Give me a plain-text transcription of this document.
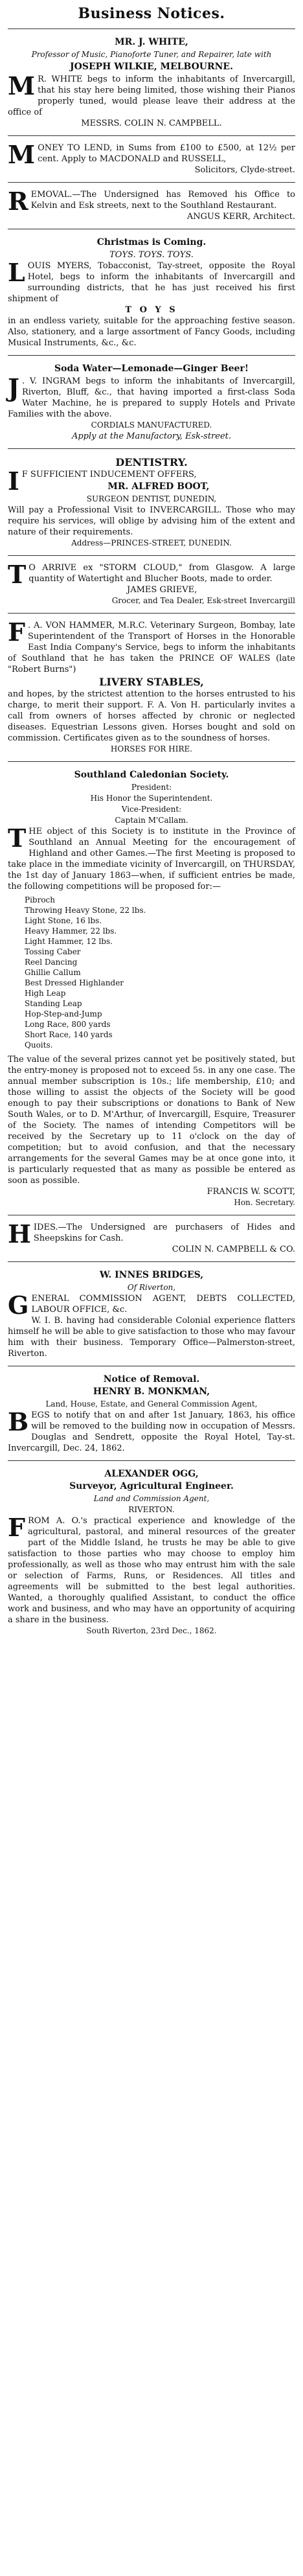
Business Notices.
MR. J. WHITE,
Professor of Music, Pianoforte Tuner, and Repairer, late with
JOSEPH WILKIE, MELBOURNE.
M R. WHITE begs to inform the inhabitants of Invercargill, that his stay here being limited, those wishing their Pianos properly tuned, would please leave their address at the office of
MESSRS. COLIN N. CAMPBELL.
MONEY TO LEND, in Sums from £100 to £500, at 12½ per cent. Apply to MACDONALD and RUSSELL,
Solicitors, Clyde-street.
REMOVAL.—The Undersigned has Removed his Office to Kelvin and Esk streets, next to the Southland Restaurant.
ANGUS KERR, Architect.
Christmas is Coming.
TOYS. TOYS. TOYS.
LOUIS MYERS, Tobacconist, Tay-street, opposite the Royal Hotel, begs to inform the inhabitants of Invercargill and surrounding districts, that he has just received his first shipment of
T O Y S
in an endless variety, suitable for the approaching festive season. Also, stationery, and a large assortment of Fancy Goods, including Musical Instruments, &c., &c.
Soda Water—Lemonade—Ginger Beer!
J . V. INGRAM begs to inform the inhabitants of Invercargill, Riverton, Bluff, &c., that having imported a first-class Soda Water Machine, he is prepared to supply Hotels and Private Families with the above.
CORDIALS MANUFACTURED.
Apply at the Manufactory, Esk-street.
DENTISTRY.
I F SUFFICIENT INDUCEMENT OFFERS,
MR. ALFRED BOOT,
SURGEON DENTIST, DUNEDIN,
Will pay a Professional Visit to INVERCARGILL. Those who may require his services, will oblige by advising him of the extent and nature of their requirements.
Address—PRINCES-STREET, DUNEDIN.
T O ARRIVE ex "STORM CLOUD," from Glasgow. A large quantity of Watertight and Blucher Boots, made to order.
JAMES GRIEVE,
Grocer, and Tea Dealer, Esk-street Invercargill
F . A. VON HAMMER, M.R.C. Veterinary Surgeon, Bombay, late Superintendent of the Transport of Horses in the Honorable East India Company's Service, begs to inform the inhabitants of Southland that he has taken the PRINCE OF WALES (late "Robert Burns")
LIVERY STABLES,
and hopes, by the strictest attention to the horses entrusted to his charge, to merit their support. F. A. Von H. particularly invites a call from owners of horses affected by chronic or neglected diseases. Equestrian Lessons given. Horses bought and sold on commission. Certificates given as to the soundness of horses.
HORSES FOR HIRE.
Southland Caledonian Society.
President:
His Honor the Superintendent.
Vice-President:
Captain M'Callam.
THE object of this Society is to institute in the Province of Southland an Annual Meeting for the encouragement of Highland and other Games.—The first Meeting is proposed to take place in the immediate vicinity of Invercargill, on THURSDAY, the 1st day of January 1863—when, if sufficient entries be made, the following competitions will be proposed for:—
Pibroch
Throwing Heavy Stone, 22 lbs.
Light Stone, 16 lbs.
Heavy Hammer, 22 lbs.
Light Hammer, 12 lbs.
Tossing Caber
Reel Dancing
Ghillie Callum
Best Dressed Highlander
High Leap
Standing Leap
Hop-Step-and-Jump
Long Race, 800 yards
Short Race, 140 yards
Quoits.
The value of the several prizes cannot yet be positively stated, but the entry-money is proposed not to exceed 5s. in any one case. The annual member subscription is 10s.; life membership, £10; and those willing to assist the objects of the Society will be good enough to pay their subscriptions or donations to Bank of New South Wales, or to D. M'Arthur, of Invercargill, Esquire, Treasurer of the Society. The names of intending Competitors will be received by the Secretary up to 11 o'clock on the day of competition; but to avoid confusion, and that the necessary arrangements for the several Games may be at once gone into, it is particularly requested that as many as possible be entered as soon as possible.
FRANCIS W. SCOTT,
Hon. Secretary.
HIDES.—The Undersigned are purchasers of Hides and Sheepskins for Cash.
COLIN N. CAMPBELL & CO.
W. INNES BRIDGES,
Of Riverton,
GENERAL COMMISSION AGENT, DEBTS COLLECTED, LABOUR OFFICE, &c.
W. I. B. having had considerable Colonial experience flatters himself he will be able to give satisfaction to those who may favour him with their business. Temporary Office—Palmerston-street, Riverton.
Notice of Removal.
HENRY B. MONKMAN,
Land, House, Estate, and General Commission Agent,
BEGS to notify that on and after 1st January, 1863, his office will be removed to the building now in occupation of Messrs. Douglas and Sendrett, opposite the Royal Hotel, Tay-st. Invercargill, Dec. 24, 1862.
ALEXANDER OGG,
Surveyor, Agricultural Engineer.
Land and Commission Agent,
RIVERTON.
FROM A. O.'s practical experience and knowledge of the agricultural, pastoral, and mineral resources of the greater part of the Middle Island, he trusts he may be able to give satisfaction to those parties who may choose to employ him professionally, as well as those who may entrust him with the sale or selection of Farms, Runs, or Residences. All titles and agreements will be submitted to the best legal authorities. Wanted, a thoroughly qualified Assistant, to conduct the office work and business, and who may have an opportunity of acquiring a share in the business.
South Riverton, 23rd Dec., 1862.
